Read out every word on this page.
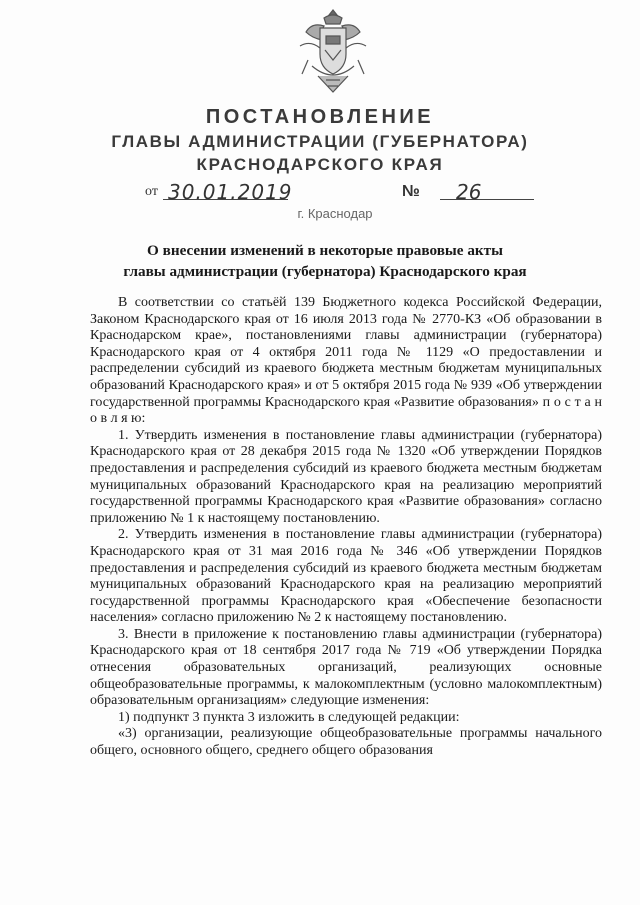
ПОСТАНОВЛЕНИЕ
ГЛАВЫ АДМИНИСТРАЦИИ (ГУБЕРНАТОРА)
КРАСНОДАРСКОГО КРАЯ
от 30.01.2019	№ 26
г. Краснодар
О внесении изменений в некоторые правовые акты
главы администрации (губернатора) Краснодарского края

В соответствии со статьёй 139 Бюджетного кодекса Российской Федерации, Законом Краснодарского края от 16 июля 2013 года № 2770-КЗ «Об образовании в Краснодарском крае», постановлениями главы администрации (губернатора) Краснодарского края от 4 октября 2011 года № 1129 «О предоставлении и распределении субсидий из краевого бюджета местным бюджетам муниципальных образований Краснодарского края» и от 5 октября 2015 года № 939 «Об утверждении государственной программы Краснодарского края «Развитие образования» п о с т а н о в л я ю:

1. Утвердить изменения в постановление главы администрации (губернатора) Краснодарского края от 28 декабря 2015 года № 1320 «Об утверждении Порядков предоставления и распределения субсидий из краевого бюджета местным бюджетам муниципальных образований Краснодарского края на реализацию мероприятий государственной программы Краснодарского края «Развитие образования» согласно приложению № 1 к настоящему постановлению.

2. Утвердить изменения в постановление главы администрации (губернатора) Краснодарского края от 31 мая 2016 года № 346 «Об утверждении Порядков предоставления и распределения субсидий из краевого бюджета местным бюджетам муниципальных образований Краснодарского края на реализацию мероприятий государственной программы Краснодарского края «Обеспечение безопасности населения» согласно приложению № 2 к настоящему постановлению.

3. Внести в приложение к постановлению главы администрации (губернатора) Краснодарского края от 18 сентября 2017 года № 719 «Об утверждении Порядка отнесения образовательных организаций, реализующих основные общеобразовательные программы, к малокомплектным (условно малокомплектным) образовательным организациям» следующие изменения:

1) подпункт 3 пункта 3 изложить в следующей редакции:

«3) организации, реализующие общеобразовательные программы начального общего, основного общего, среднего общего образования
